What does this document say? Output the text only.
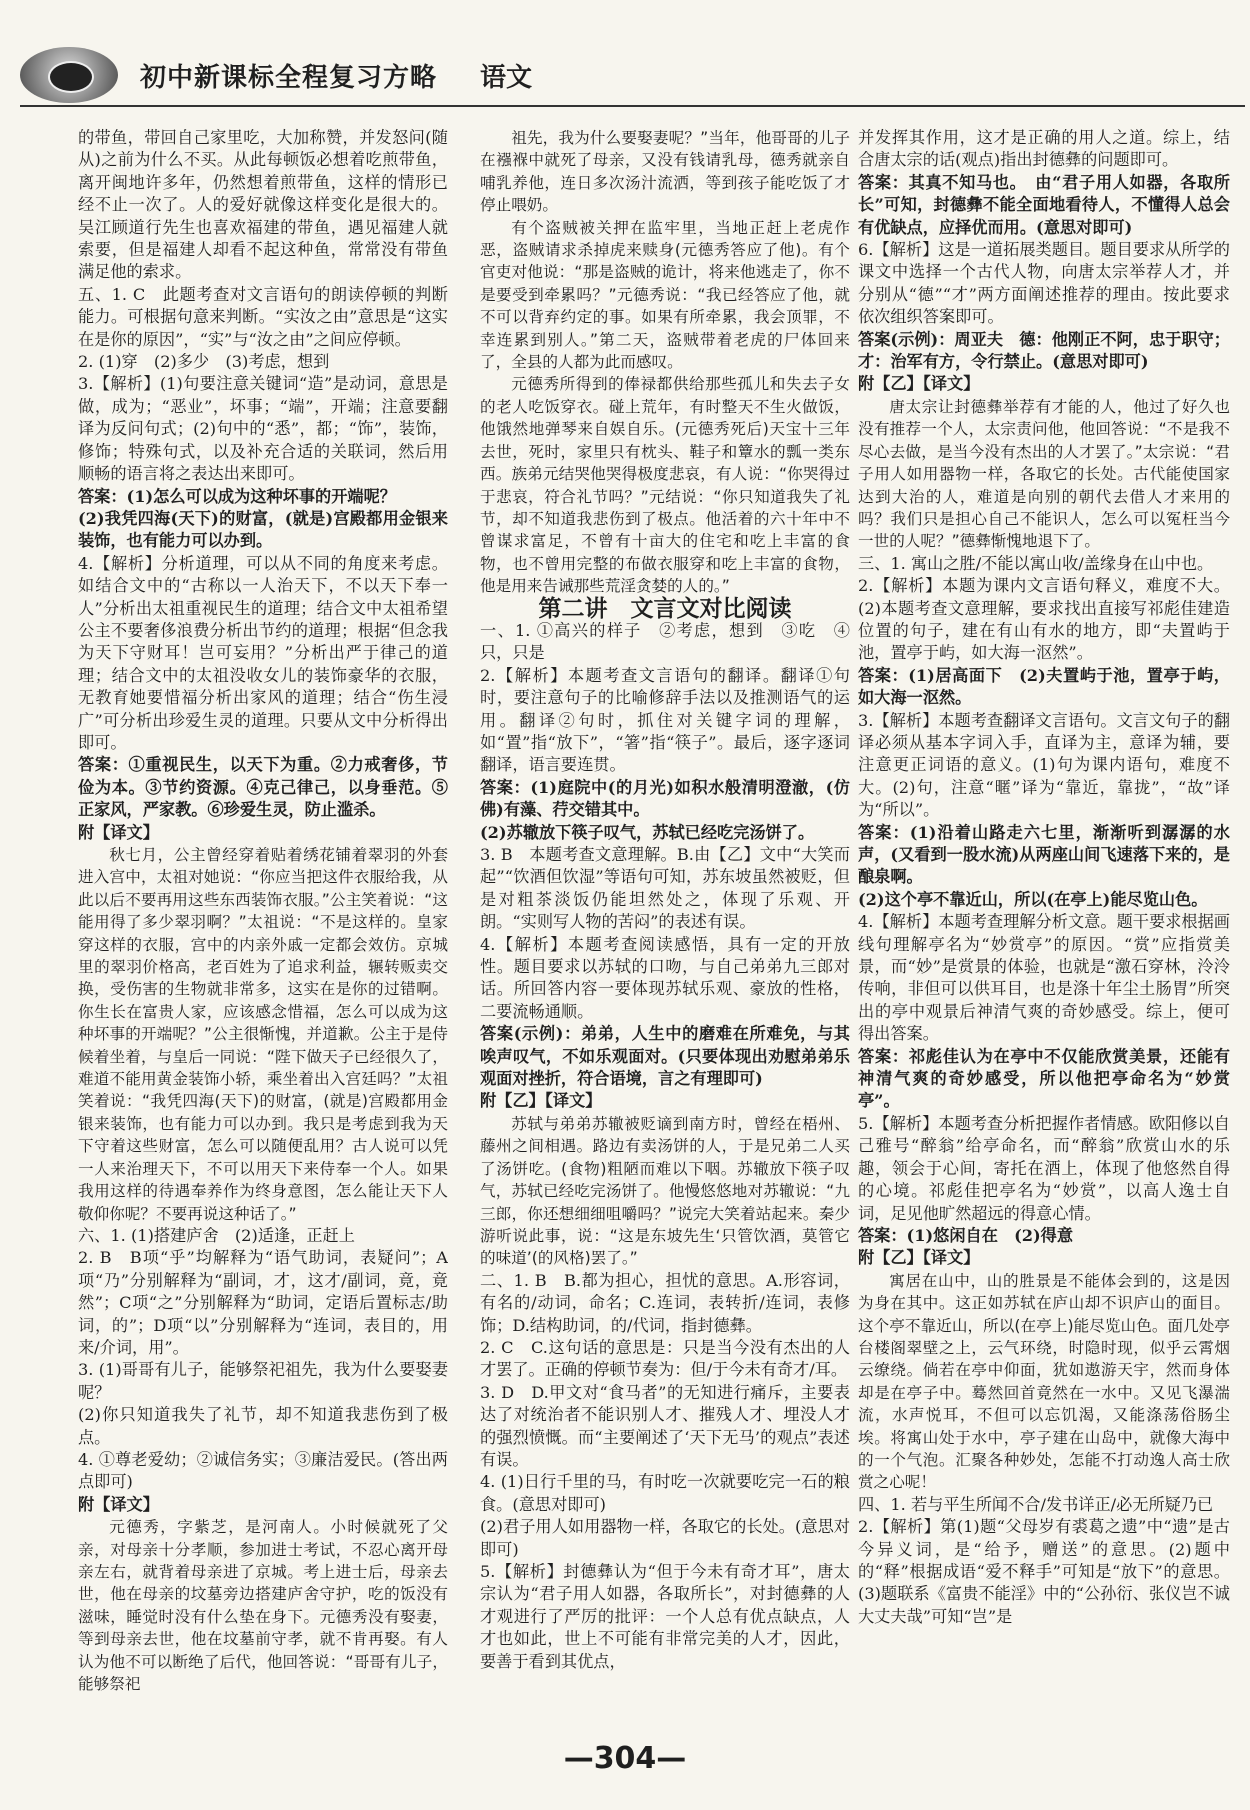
初中新课标全程复习方略 语文

的带鱼，带回自己家里吃，大加称赞，并发怒问(随从)之前为什么不买。从此每顿饭必想着吃煎带鱼，离开闽地许多年，仍然想着煎带鱼，这样的情形已经不止一次了。人的爱好就像这样变化是很大的。吴江顾道行先生也喜欢福建的带鱼，遇见福建人就索要，但是福建人却看不起这种鱼，常常没有带鱼满足他的索求。

五、1. C　此题考查对文言语句的朗读停顿的判断能力。可根据句意来判断。“实汝之由”意思是“这实在是你的原因”，“实”与“汝之由”之间应停顿。

2. (1)穿　(2)多少　(3)考虑，想到

3.【解析】(1)句要注意关键词“造”是动词，意思是做，成为；“恶业”，坏事；“端”，开端；注意要翻译为反问句式；(2)句中的“悉”，都；“饰”，装饰，修饰；特殊句式，以及补充合适的关联词，然后用顺畅的语言将之表达出来即可。

答案：(1)怎么可以成为这种坏事的开端呢？

(2)我凭四海(天下)的财富，(就是)宫殿都用金银来装饰，也有能力可以办到。

4.【解析】分析道理，可以从不同的角度来考虑。如结合文中的“古称以一人治天下，不以天下奉一人”分析出太祖重视民生的道理；结合文中太祖希望公主不要奢侈浪费分析出节约的道理；根据“但念我为天下守财耳！岂可妄用？”分析出严于律己的道理；结合文中的太祖没收女儿的装饰豪华的衣服，无教育她要惜福分析出家风的道理；结合“伤生浸广”可分析出珍爱生灵的道理。只要从文中分析得出即可。

答案：①重视民生，以天下为重。②力戒奢侈，节俭为本。③节约资源。④克己律己，以身垂范。⑤正家风，严家教。⑥珍爱生灵，防止滥杀。

附【译文】

秋七月，公主曾经穿着贴着绣花铺着翠羽的外套进入宫中，太祖对她说：“你应当把这件衣服给我，从此以后不要再用这些东西装饰衣服。”公主笑着说：“这能用得了多少翠羽啊？”太祖说：“不是这样的。皇家穿这样的衣服，宫中的内亲外戚一定都会效仿。京城里的翠羽价格高，老百姓为了追求利益，辗转贩卖交换，受伤害的生物就非常多，这实在是你的过错啊。你生长在富贵人家，应该感念惜福，怎么可以成为这种坏事的开端呢？”公主很惭愧，并道歉。公主于是侍候着坐着，与皇后一同说：“陛下做天子已经很久了，难道不能用黄金装饰小轿，乘坐着出入宫廷吗？”太祖笑着说：“我凭四海(天下)的财富，(就是)宫殿都用金银来装饰，也有能力可以办到。我只是考虑到我为天下守着这些财富，怎么可以随便乱用？古人说可以凭一人来治理天下，不可以用天下来侍奉一个人。如果我用这样的待遇奉养作为终身意图，怎么能让天下人敬仰你呢？不要再说这种话了。”

六、1. (1)搭建庐舍　(2)适逢，正赶上

2. B　B项“乎”均解释为“语气助词，表疑问”；A项“乃”分别解释为“副词，才，这才/副词，竟，竟然”；C项“之”分别解释为“助词，定语后置标志/助词，的”；D项“以”分别解释为“连词，表目的，用来/介词，用”。

3. (1)哥哥有儿子，能够祭祀祖先，我为什么要娶妻呢？

(2)你只知道我失了礼节，却不知道我悲伤到了极点。

4. ①尊老爱幼；②诚信务实；③廉洁爱民。(答出两点即可)

附【译文】

元德秀，字紫芝，是河南人。小时候就死了父亲，对母亲十分孝顺，参加进士考试，不忍心离开母亲左右，就背着母亲进了京城。考上进士后，母亲去世，他在母亲的坟墓旁边搭建庐舍守护，吃的饭没有滋味，睡觉时没有什么垫在身下。元德秀没有娶妻，等到母亲去世，他在坟墓前守孝，就不肯再娶。有人认为他不可以断绝了后代，他回答说：“哥哥有儿子，能够祭祀

祖先，我为什么要娶妻呢？”当年，他哥哥的儿子在襁褓中就死了母亲，又没有钱请乳母，德秀就亲自哺乳养他，连日多次汤汁流洒，等到孩子能吃饭了才停止喂奶。

有个盗贼被关押在监牢里，当地正赶上老虎作恶，盗贼请求杀掉虎来赎身(元德秀答应了他)。有个官吏对他说：“那是盗贼的诡计，将来他逃走了，你不是要受到牵累吗？”元德秀说：“我已经答应了他，就不可以背弃约定的事。如果有所牵累，我会顶罪，不幸连累到别人。”第二天，盗贼带着老虎的尸体回来了，全县的人都为此而感叹。

元德秀所得到的俸禄都供给那些孤儿和失去子女的老人吃饭穿衣。碰上荒年，有时整天不生火做饭，他饿然地弹琴来自娱自乐。(元德秀死后)天宝十三年去世，死时，家里只有枕头、鞋子和簟水的瓢一类东西。族弟元结哭他哭得极度悲哀，有人说：“你哭得过于悲哀，符合礼节吗？”元结说：“你只知道我失了礼节，却不知道我悲伤到了极点。他活着的六十年中不曾谋求富足，不曾有十亩大的住宅和吃上丰富的食物，也不曾用完整的布做衣服穿和吃上丰富的食物，他是用来告诫那些荒淫贪婪的人的。”

第二讲　文言文对比阅读

一、1. ①高兴的样子　②考虑，想到　③吃　④只，只是

2.【解析】本题考查文言语句的翻译。翻译①句时，要注意句子的比喻修辞手法以及推测语气的运用。翻译②句时，抓住对关键字词的理解，如“置”指“放下”，“箸”指“筷子”。最后，逐字逐词翻译，语言要连贯。

答案：(1)庭院中(的月光)如积水般清明澄澈，(仿佛)有藻、荇交错其中。

(2)苏辙放下筷子叹气，苏轼已经吃完汤饼了。

3. B　本题考查文意理解。B.由【乙】文中“大笑而起”“饮酒但饮湿”等语句可知，苏东坡虽然被贬，但是对粗茶淡饭仍能坦然处之，体现了乐观、开朗。“实则写人物的苦闷”的表述有误。

4.【解析】本题考查阅读感悟，具有一定的开放性。题目要求以苏轼的口吻，与自己弟弟九三郎对话。所回答内容一要体现苏轼乐观、豪放的性格，二要流畅通顺。

答案(示例)：弟弟，人生中的磨难在所难免，与其唉声叹气，不如乐观面对。(只要体现出劝慰弟弟乐观面对挫折，符合语境，言之有理即可)

附【乙】【译文】

苏轼与弟弟苏辙被贬谪到南方时，曾经在梧州、藤州之间相遇。路边有卖汤饼的人，于是兄弟二人买了汤饼吃。(食物)粗陋而难以下咽。苏辙放下筷子叹气，苏轼已经吃完汤饼了。他慢悠悠地对苏辙说：“九三郎，你还想细细咀嚼吗？”说完大笑着站起来。秦少游听说此事，说：“这是东坡先生‘只管饮酒，莫管它的味道’(的风格)罢了。”

二、1. B　B.都为担心，担忧的意思。A.形容词，有名的/动词，命名；C.连词，表转折/连词，表修饰；D.结构助词，的/代词，指封德彝。

2. C　C.这句话的意思是：只是当今没有杰出的人才罢了。正确的停顿节奏为：但/于今未有奇才/耳。

3. D　D.甲文对“食马者”的无知进行痛斥，主要表达了对统治者不能识别人才、摧残人才、埋没人才的强烈愤慨。而“主要阐述了‘天下无马’的观点”表述有误。

4. (1)日行千里的马，有时吃一次就要吃完一石的粮食。(意思对即可)

(2)君子用人如用器物一样，各取它的长处。(意思对即可)

5.【解析】封德彝认为“但于今未有奇才耳”，唐太宗认为“君子用人如器，各取所长”，对封德彝的人才观进行了严厉的批评：一个人总有优点缺点，人才也如此，世上不可能有非常完美的人才，因此，要善于看到其优点，

并发挥其作用，这才是正确的用人之道。综上，结合唐太宗的话(观点)指出封德彝的问题即可。

答案：其真不知马也。　由“君子用人如器，各取所长”可知，封德彝不能全面地看待人，不懂得人总会有优缺点，应择优而用。(意思对即可)

6.【解析】这是一道拓展类题目。题目要求从所学的课文中选择一个古代人物，向唐太宗举荐人才，并分别从“德”“才”两方面阐述推荐的理由。按此要求依次组织答案即可。

答案(示例)：周亚夫　德：他刚正不阿，忠于职守；才：治军有方，令行禁止。(意思对即可)

附【乙】【译文】

唐太宗让封德彝举荐有才能的人，他过了好久也没有推荐一个人，太宗责问他，他回答说：“不是我不尽心去做，是当今没有杰出的人才罢了。”太宗说：“君子用人如用器物一样，各取它的长处。古代能使国家达到大治的人，难道是向别的朝代去借人才来用的吗？我们只是担心自己不能识人，怎么可以冤枉当今一世的人呢？”德彝惭愧地退下了。

三、1. 寓山之胜/不能以寓山收/盖缘身在山中也。

2.【解析】本题为课内文言语句释义，难度不大。(2)本题考查文意理解，要求找出直接写祁彪佳建造位置的句子，建在有山有水的地方，即“夫置屿于池，置亭于屿，如大海一沤然”。

答案：(1)居高面下　(2)夫置屿于池，置亭于屿，如大海一沤然。

3.【解析】本题考查翻译文言语句。文言文句子的翻译必须从基本字词入手，直译为主，意译为辅，要注意更正词语的意义。(1)句为课内语句，难度不大。(2)句，注意“暱”译为“靠近，靠拢”，“故”译为“所以”。

答案：(1)沿着山路走六七里，渐渐听到潺潺的水声，(又看到一股水流)从两座山间飞速落下来的，是酿泉啊。

(2)这个亭不靠近山，所以(在亭上)能尽览山色。

4.【解析】本题考查理解分析文意。题干要求根据画线句理解亭名为“妙赏亭”的原因。“赏”应指赏美景，而“妙”是赏景的体验，也就是“激石穿林，泠泠传响，非但可以供耳目，也是涤十年尘土肠胃”所突出的亭中观景后神清气爽的奇妙感受。综上，便可得出答案。

答案：祁彪佳认为在亭中不仅能欣赏美景，还能有神清气爽的奇妙感受，所以他把亭命名为“妙赏亭”。

5.【解析】本题考查分析把握作者情感。欧阳修以自己雅号“醉翁”给亭命名，而“醉翁”欣赏山水的乐趣，领会于心间，寄托在酒上，体现了他悠然自得的心境。祁彪佳把亭名为“妙赏”，以高人逸士自词，足见他旷然超远的得意心情。

答案：(1)悠闲自在　(2)得意

附【乙】【译文】

寓居在山中，山的胜景是不能体会到的，这是因为身在其中。这正如苏轼在庐山却不识庐山的面目。这个亭不靠近山，所以(在亭上)能尽览山色。面几处亭台楼阁翠壁之上，云气环绕，时隐时现，似乎云霄烟云缭绕。倘若在亭中仰面，犹如遨游天宇，然而身体却是在亭子中。蓦然回首竟然在一水中。又见飞瀑湍流，水声悦耳，不但可以忘饥渴，又能涤荡俗肠尘埃。将寓山处于水中，亭子建在山岛中，就像大海中的一个气泡。汇聚各种妙处，怎能不打动逸人高士欣赏之心呢！

四、1. 若与平生所闻不合/发书详正/必无所疑乃已

2.【解析】第(1)题“父母岁有裘葛之遗”中“遗”是古今异义词，是“给予，赠送”的意思。(2)题中的“释”根据成语“爱不释手”可知是“放下”的意思。(3)题联系《富贵不能淫》中的“公孙衍、张仪岂不诚大丈夫哉”可知“岂”是

—304—
